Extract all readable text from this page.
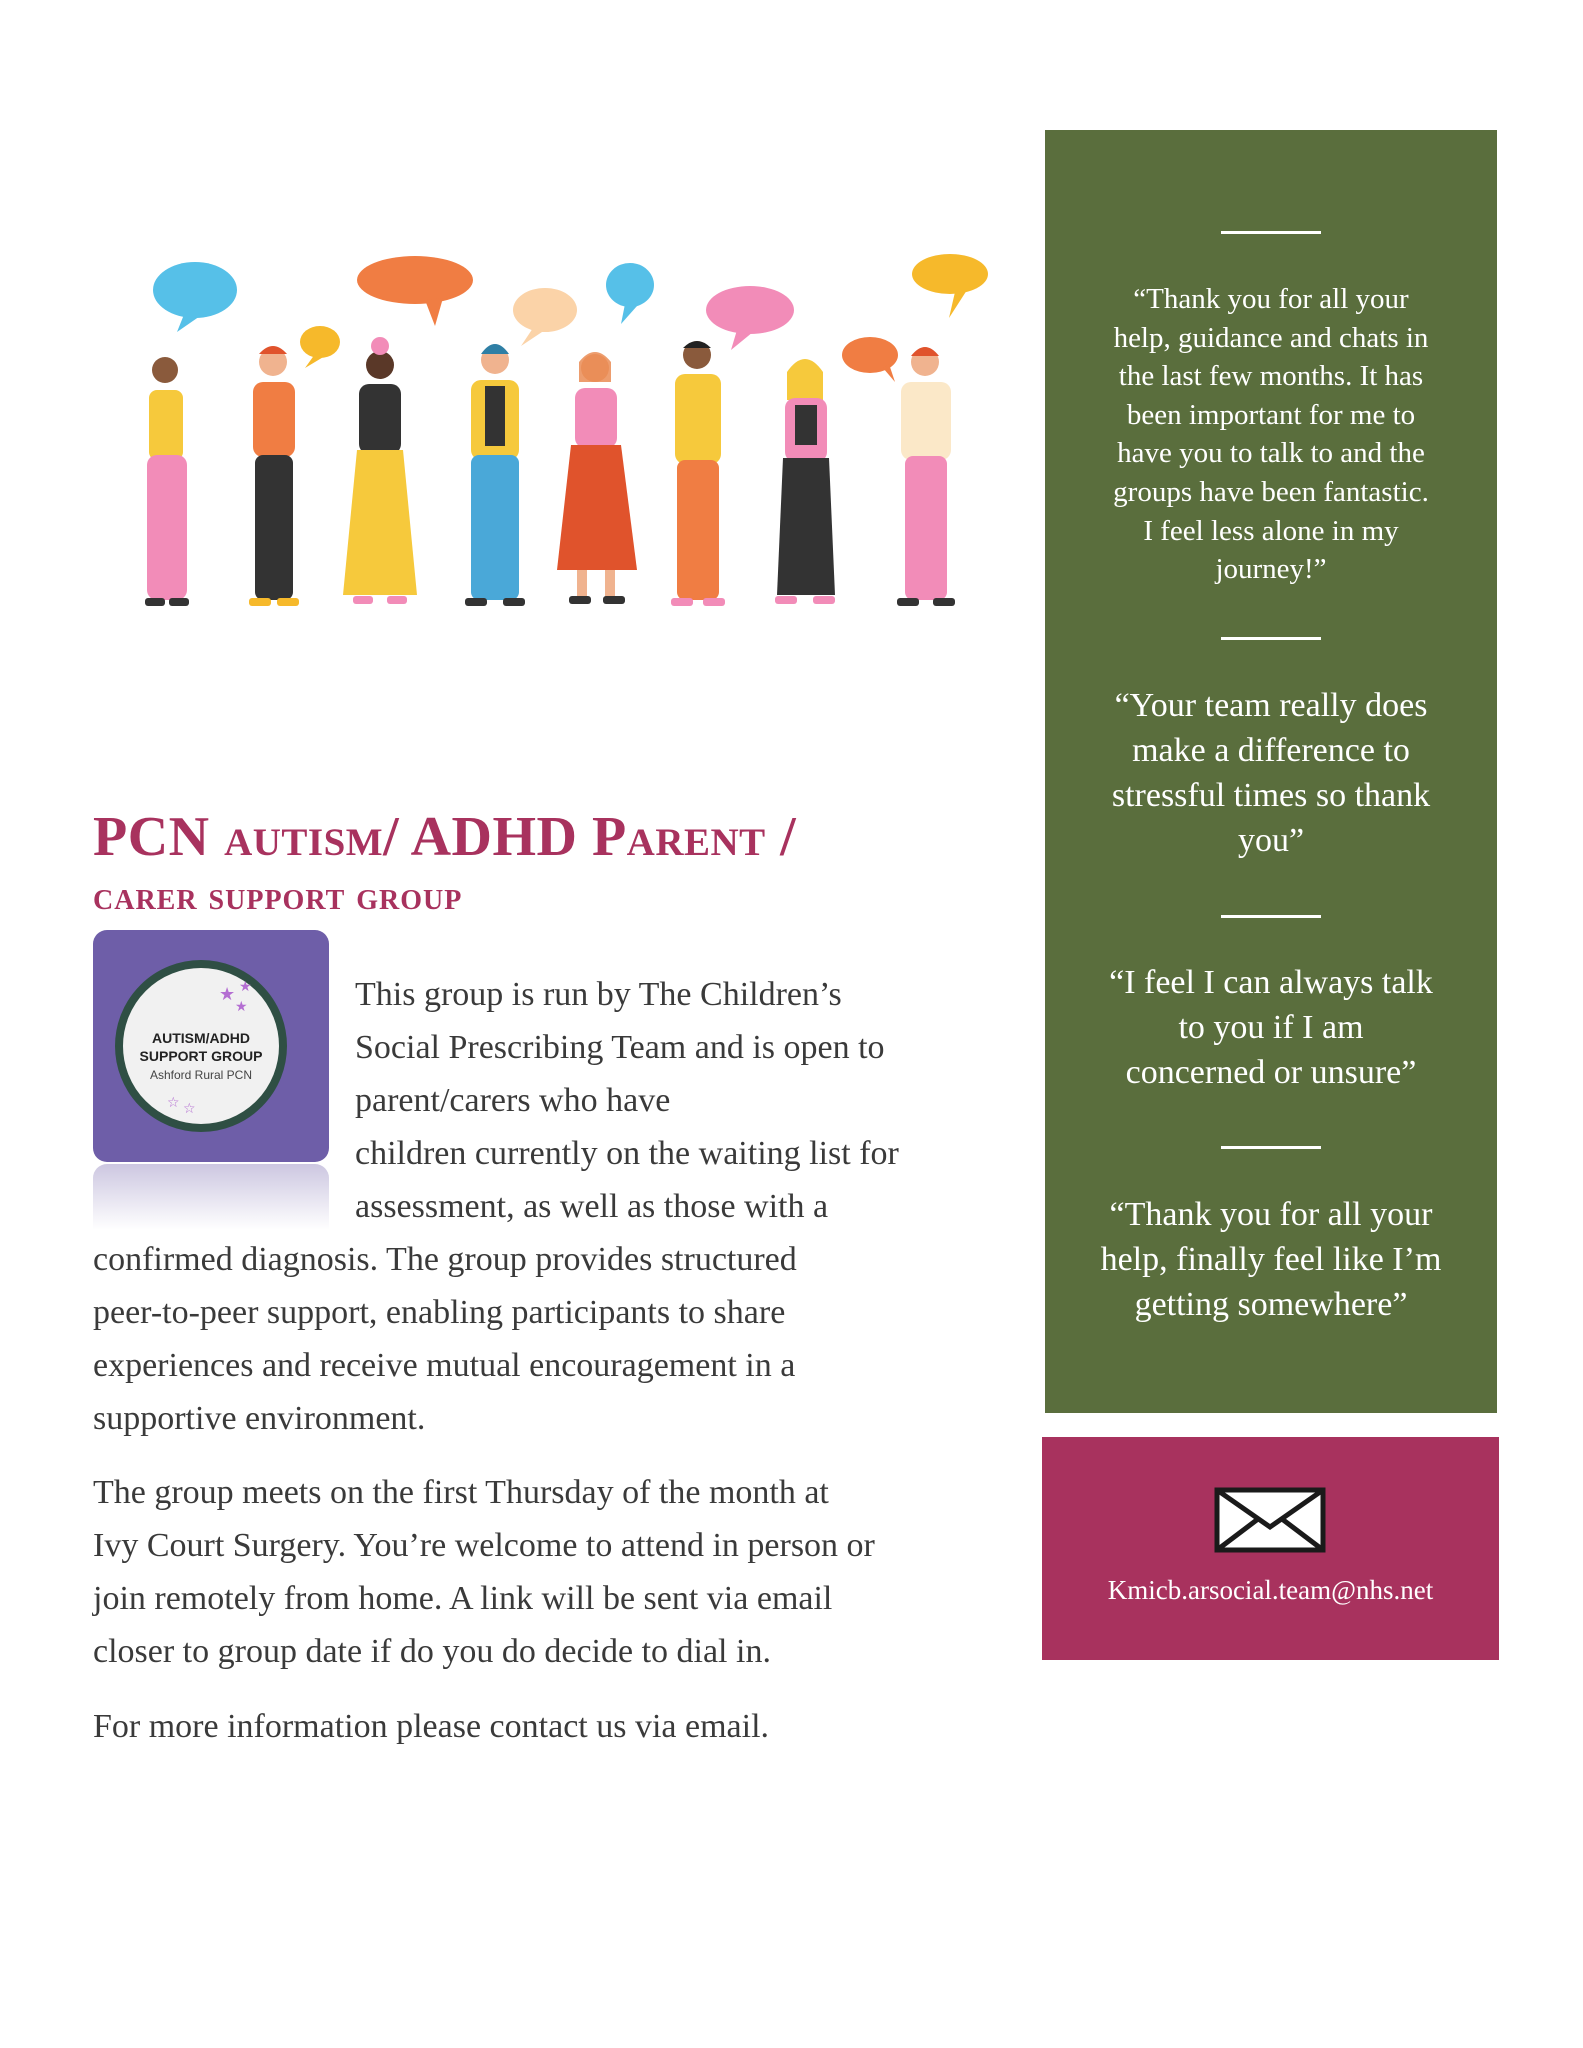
PCN autism/ ADHD Parent /
carer support group
★ ★
★
AUTISM/ADHD
SUPPORT GROUP
Ashford Rural PCN
☆ ☆

This group is run by The Children’s
Social Prescribing Team and is open to
parent/carers who have
children currently on the waiting list for
assessment, as well as those with a
confirmed diagnosis. The group provides structured
peer-to-peer support, enabling participants to share
experiences and receive mutual encouragement in a
supportive environment.

The group meets on the first Thursday of the month at
Ivy Court Surgery. You’re welcome to attend in person or
join remotely from home. A link will be sent via email
closer to group date if do you do decide to dial in.

For more information please contact us via email.

“Thank you for all your
help, guidance and chats in
the last few months. It has
been important for me to
have you to talk to and the
groups have been fantastic.
I feel less alone in my
journey!”

“Your team really does
make a difference to
stressful times so thank
you”

“I feel I can always talk
to you if I am
concerned or unsure”

“Thank you for all your
help, finally feel like I’m
getting somewhere”

Kmicb.arsocial.team@nhs.net
